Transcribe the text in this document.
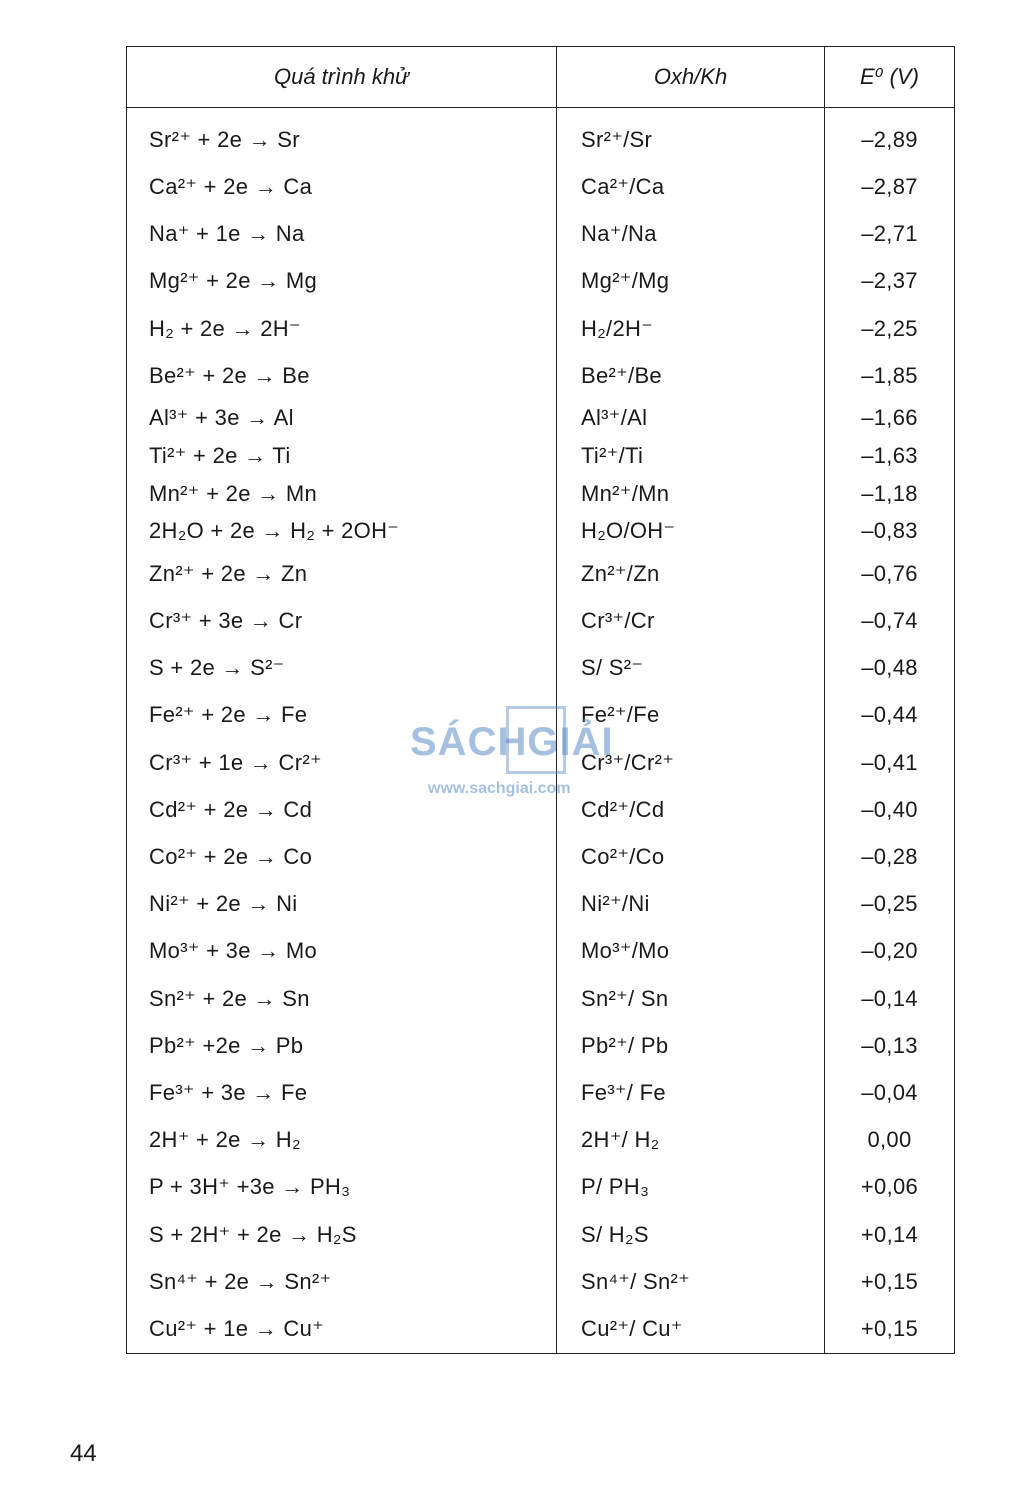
Quá trình khử	Oxh/Kh	E⁰ (V)

Sr²⁺ + 2e → Sr	Sr²⁺/Sr	–2,89
Ca²⁺ + 2e → Ca	Ca²⁺/Ca	–2,87
Na⁺ + 1e → Na	Na⁺/Na	–2,71
Mg²⁺ + 2e → Mg	Mg²⁺/Mg	–2,37
H₂ + 2e → 2H⁻	H₂/2H⁻	–2,25
Be²⁺ + 2e → Be	Be²⁺/Be	–1,85
Al³⁺ + 3e → Al	Al³⁺/Al	–1,66
Ti²⁺ + 2e → Ti	Ti²⁺/Ti	–1,63
Mn²⁺ + 2e → Mn	Mn²⁺/Mn	–1,18
2H₂O + 2e → H₂ + 2OH⁻	H₂O/OH⁻	–0,83
Zn²⁺ + 2e → Zn	Zn²⁺/Zn	–0,76
Cr³⁺ + 3e → Cr	Cr³⁺/Cr	–0,74
S + 2e → S²⁻	S/ S²⁻	–0,48
Fe²⁺ + 2e → Fe	Fe²⁺/Fe	–0,44
Cr³⁺ + 1e → Cr²⁺	Cr³⁺/Cr²⁺	–0,41
Cd²⁺ + 2e → Cd	Cd²⁺/Cd	–0,40
Co²⁺ + 2e → Co	Co²⁺/Co	–0,28
Ni²⁺ + 2e → Ni	Ni²⁺/Ni	–0,25
Mo³⁺ + 3e → Mo	Mo³⁺/Mo	–0,20
Sn²⁺ + 2e → Sn	Sn²⁺/ Sn	–0,14
Pb²⁺ +2e → Pb	Pb²⁺/ Pb	–0,13
Fe³⁺ + 3e → Fe	Fe³⁺/ Fe	–0,04
2H⁺ + 2e → H₂	2H⁺/ H₂	0,00
P + 3H⁺ +3e → PH₃	P/ PH₃	+0,06
S + 2H⁺ + 2e → H₂S	S/ H₂S	+0,14
Sn⁴⁺ + 2e → Sn²⁺	Sn⁴⁺/ Sn²⁺	+0,15
Cu²⁺ + 1e → Cu⁺	Cu²⁺/ Cu⁺	+0,15
SÁCHGIẢI
www.sachgiai.com
44
